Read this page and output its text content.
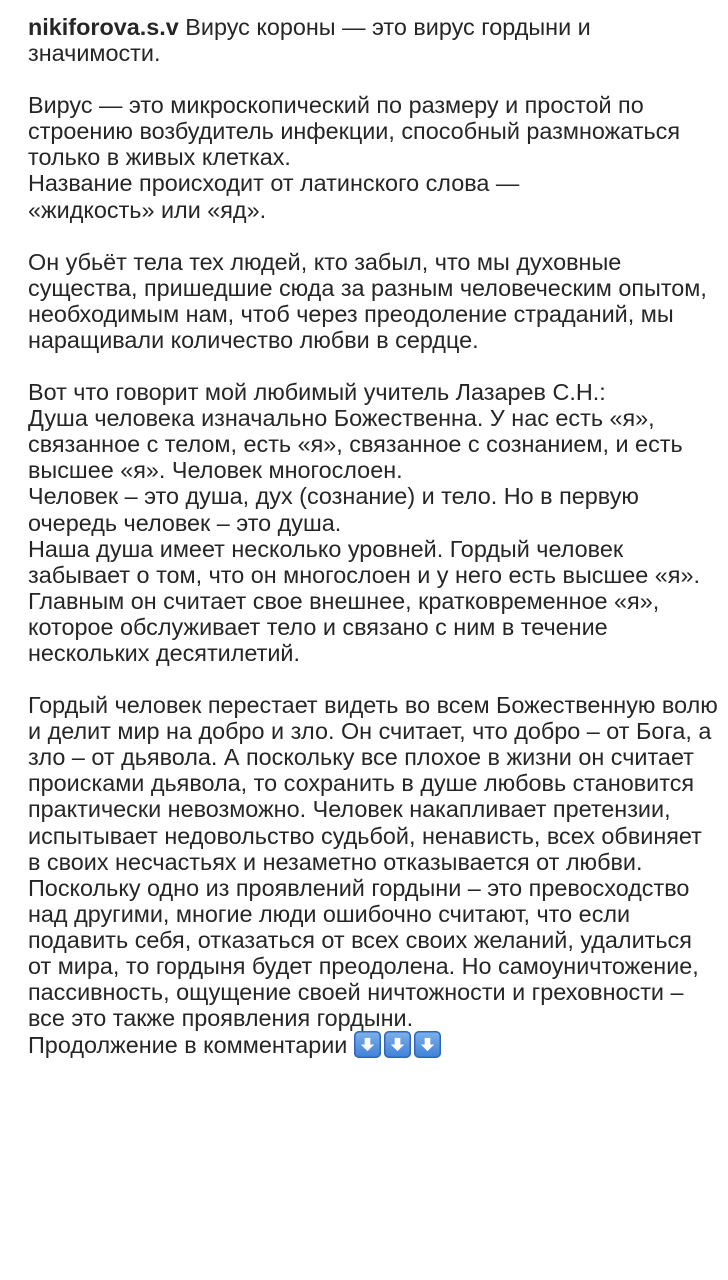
nikiforova.s.v Вирус короны — это вирус гордыни и значимости.

Вирус — это микроскопический по размеру и простой по строению возбудитель инфекции, способный размножаться только в живых клетках.

Название происходит от латинского слова —
«жидкость» или «яд».

Он убьёт тела тех людей, кто забыл, что мы духовные существа, пришедшие сюда за разным человеческим опытом, необходимым нам, чтоб через преодоление страданий, мы наращивали количество любви в сердце.

Вот что говорит мой любимый учитель Лазарев С.Н.:
Душа человека изначально Божественна. У нас есть «я», связанное с телом, есть «я», связанное с сознанием, и есть высшее «я». Человек многослоен.
Человек – это душа, дух (сознание) и тело. Но в первую очередь человек – это душа.

Наша душа имеет несколько уровней. Гордый человек забывает о том, что он многослоен и у него есть высшее «я». Главным он считает свое внешнее, кратковременное «я», которое обслуживает тело и связано с ним в течение нескольких десятилетий.

Гордый человек перестает видеть во всем Божественную волю и делит мир на добро и зло. Он считает, что добро – от Бога, а зло – от дьявола. А поскольку все плохое в жизни он считает происками дьявола, то сохранить в душе любовь становится практически невозможно. Человек накапливает претензии, испытывает недовольство судьбой, ненависть, всех обвиняет в своих несчастьях и незаметно отказывается от любви. Поскольку одно из проявлений гордыни – это превосходство над другими, многие люди ошибочно считают, что если подавить себя, отказаться от всех своих желаний, удалиться от мира, то гордыня будет преодолена. Но самоуничтожение, пассивность, ощущение своей ничтожности и греховности – все это также проявления гордыни.

Продолжение в комментарии
